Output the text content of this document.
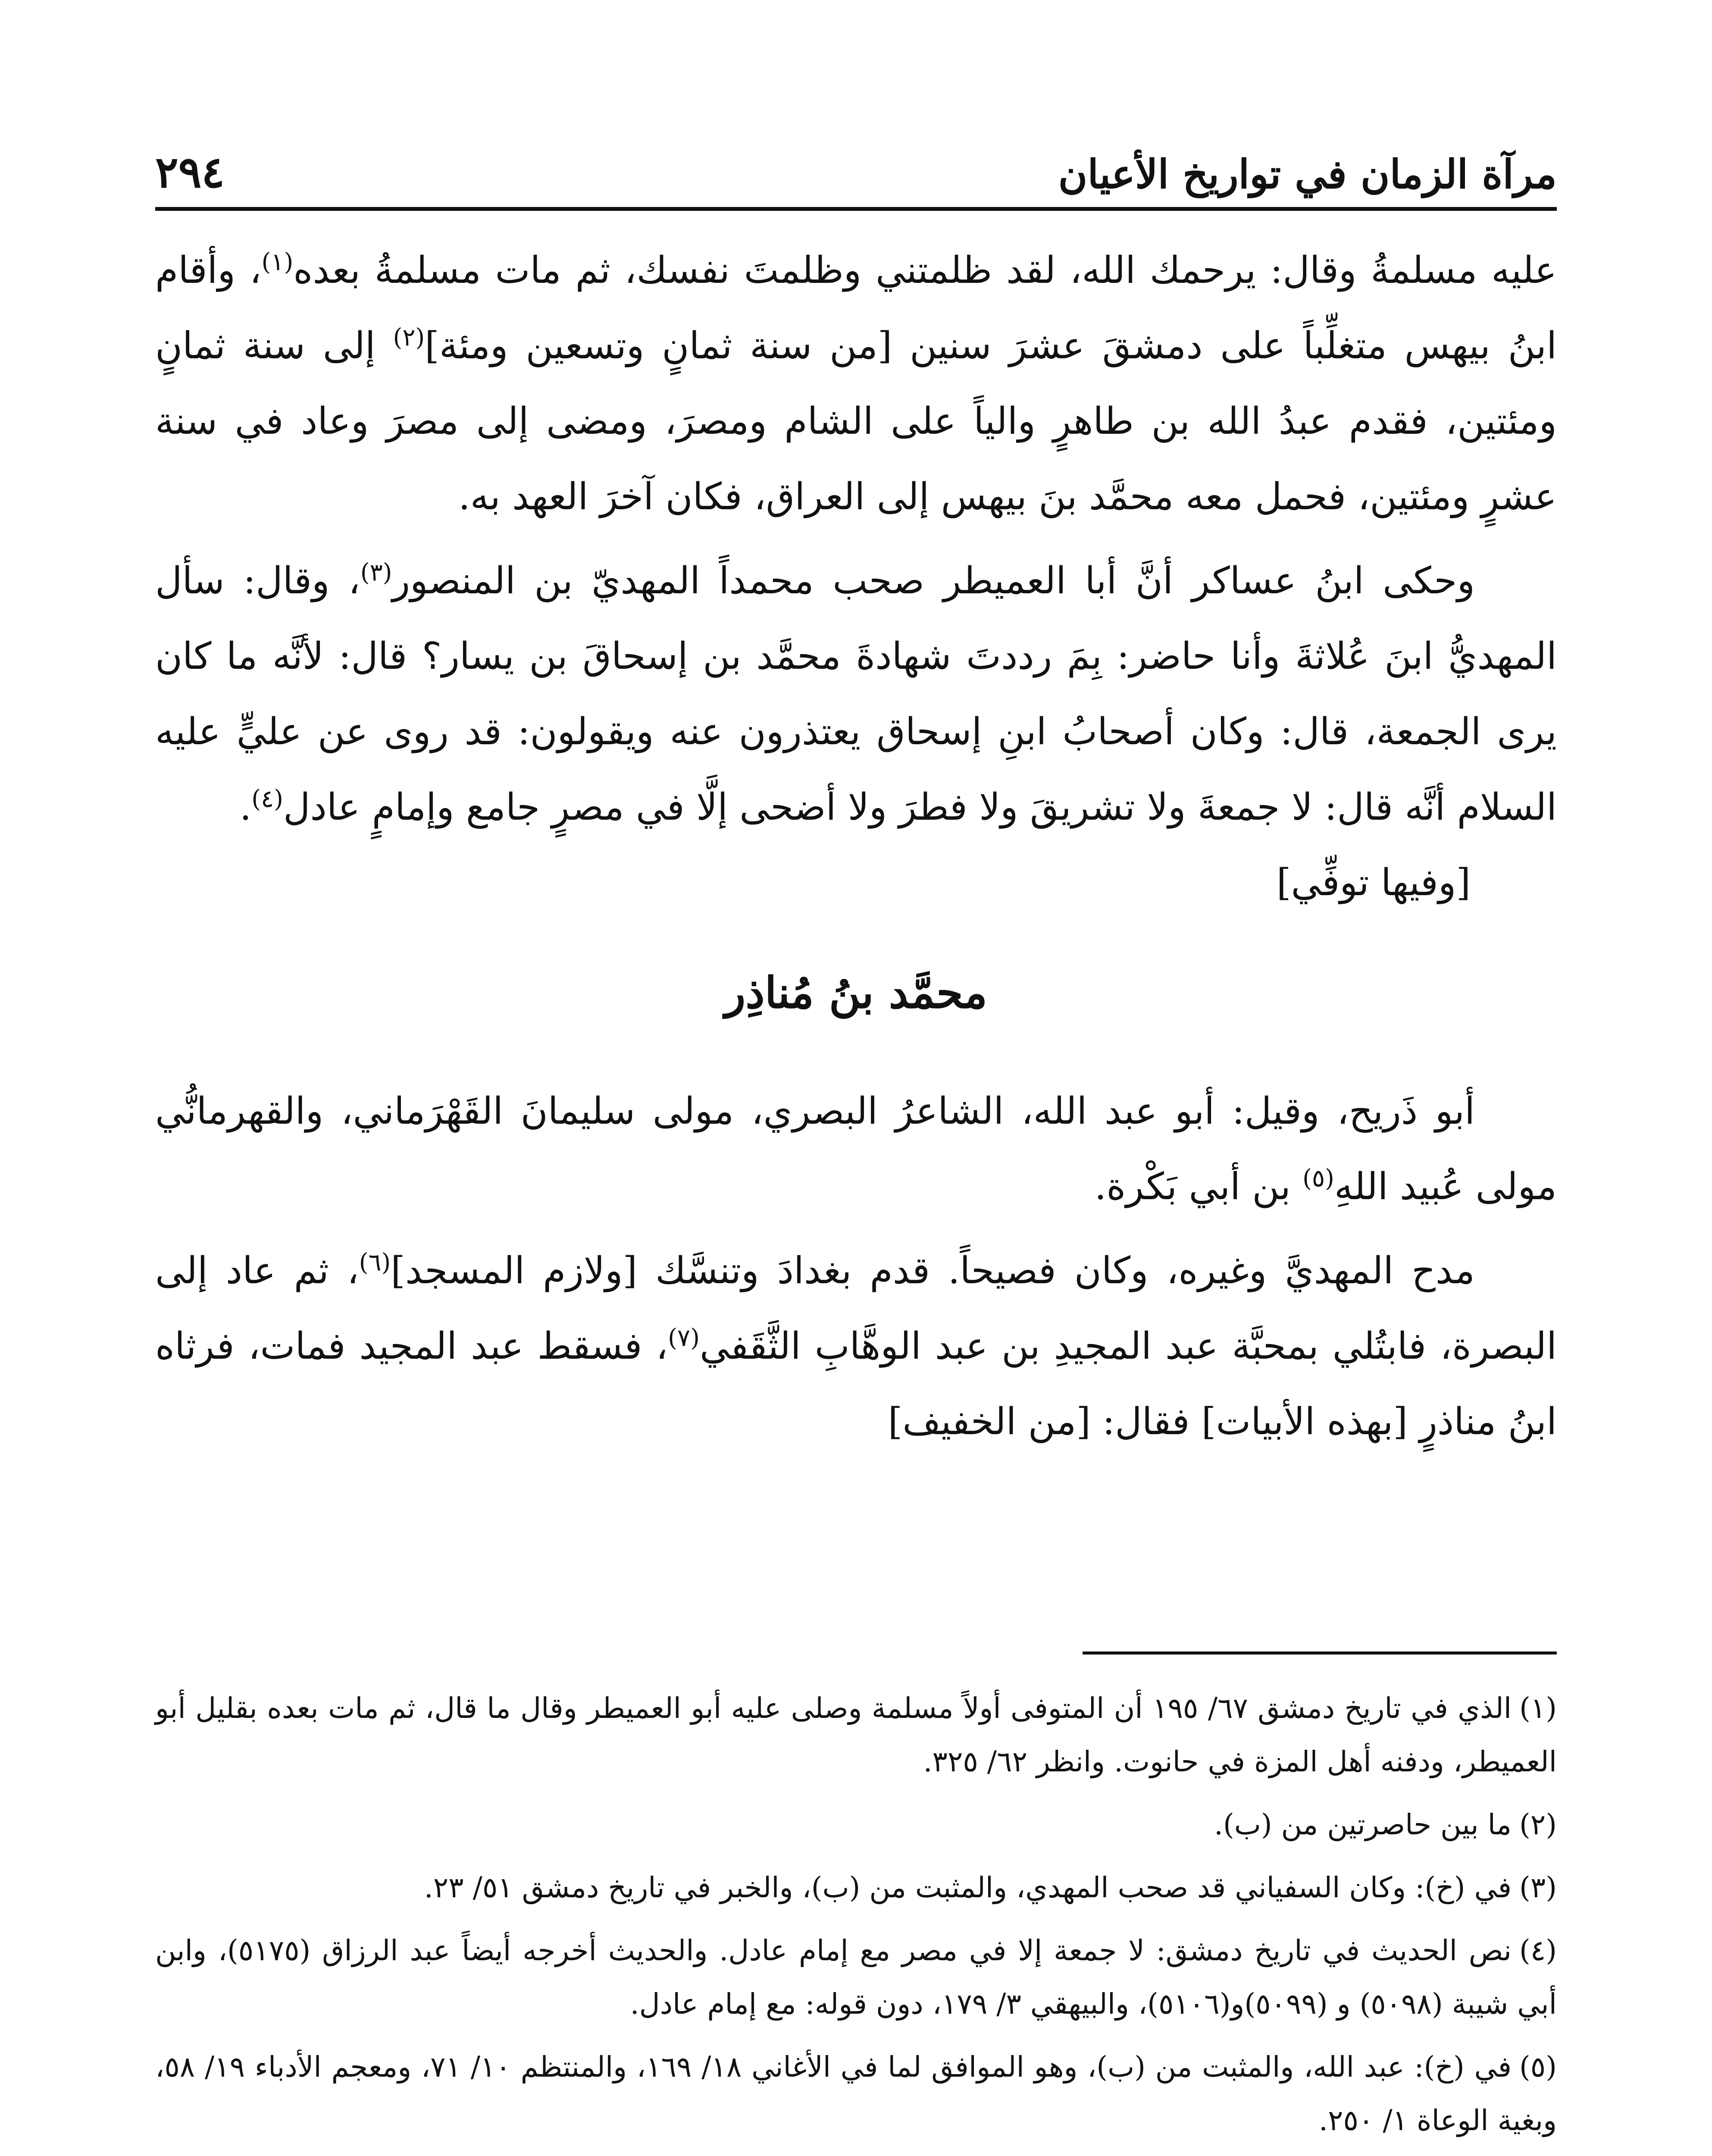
مرآة الزمان في تواريخ الأعيان
٢٩٤

عليه مسلمةُ وقال: يرحمك الله، لقد ظلمتني وظلمتَ نفسك، ثم مات مسلمةُ بعده$^{(١)}$، وأقام ابنُ بيهس متغلِّباً على دمشقَ عشرَ سنين [من سنة ثمانٍ وتسعين ومئة]$^{(٢)}$ إلى سنة ثمانٍ ومئتين، فقدم عبدُ الله بن طاهرٍ والياً على الشام ومصرَ، ومضى إلى مصرَ وعاد في سنة عشرٍ ومئتين، فحمل معه محمَّد بنَ بيهس إلى العراق، فكان آخرَ العهد به.

وحكى ابنُ عساكر أنَّ أبا العميطر صحب محمداً المهديّ بن المنصور$^{(٣)}$، وقال: سأل المهديُّ ابنَ عُلاثةَ وأنا حاضر: بِمَ رددتَ شهادةَ محمَّد بن إسحاقَ بن يسار؟ قال: لأنَّه ما كان يرى الجمعة، قال: وكان أصحابُ ابنِ إسحاق يعتذرون عنه ويقولون: قد روى عن عليٍّ عليه السلام أنَّه قال: لا جمعةَ ولا تشريقَ ولا فطرَ ولا أضحى إلَّا في مصرٍ جامع وإمامٍ عادل$^{(٤)}$.

[وفيها توفِّي]

محمَّد بنُ مُناذِر

أبو ذَريح، وقيل: أبو عبد الله، الشاعرُ البصري، مولى سليمانَ القَهْرَماني، والقهرمانُّي مولى عُبيد اللهِ$^{(٥)}$ بن أبي بَكْرة.

مدح المهديَّ وغيره، وكان فصيحاً. قدم بغدادَ وتنسَّك [ولازم المسجد]$^{(٦)}$، ثم عاد إلى البصرة، فابتُلي بمحبَّة عبد المجيدِ بن عبد الوهَّابِ الثَّقَفي$^{(٧)}$، فسقط عبد المجيد فمات، فرثاه ابنُ مناذرٍ [بهذه الأبيات] فقال: [من الخفيف]

(١)الذي في تاريخ دمشق ٦٧/ ١٩٥ أن المتوفى أولاً مسلمة وصلى عليه أبو العميطر وقال ما قال، ثم مات بعده بقليل أبو العميطر، ودفنه أهل المزة في حانوت. وانظر ٦٢/ ٣٢٥.
(٢)ما بين حاصرتين من (ب).
(٣)في (خ): وكان السفياني قد صحب المهدي، والمثبت من (ب)، والخبر في تاريخ دمشق ٥١/ ٢٣.
(٤)نص الحديث في تاريخ دمشق: لا جمعة إلا في مصر مع إمام عادل. والحديث أخرجه أيضاً عبد الرزاق (٥١٧٥)، وابن أبي شيبة (٥٠٩٨) و (٥٠٩٩)و(٥١٠٦)، والبيهقي ٣/ ١٧٩، دون قوله: مع إمام عادل.
(٥)في (خ): عبد الله، والمثبت من (ب)، وهو الموافق لما في الأغاني ١٨/ ١٦٩، والمنتظم ١٠/ ٧١، ومعجم الأدباء ١٩/ ٥٨، وبغية الوعاة ١/ ٢٥٠.
